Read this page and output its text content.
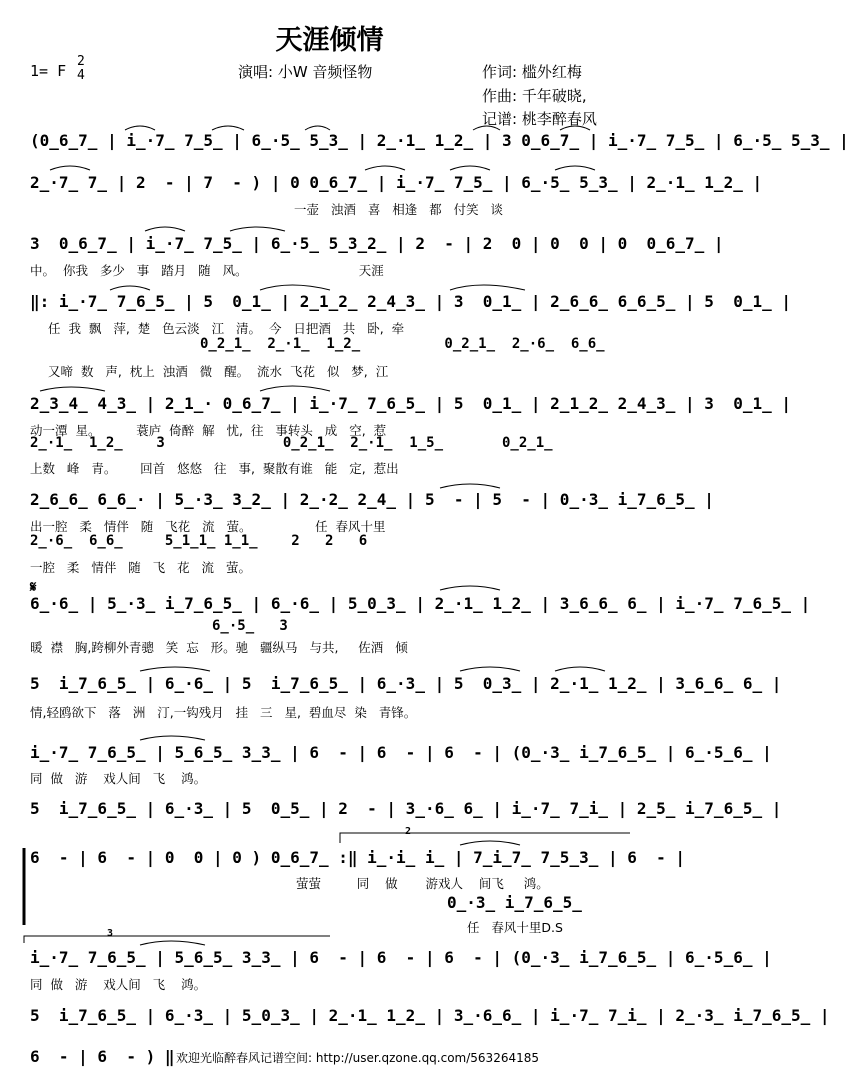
天涯倾情
1= F
2
4	演唱: 小W 音频怪物	作词: 槛外红梅
作曲: 千年破晓,
记谱: 桃李醉春风
(0̲6̲7̲ | i̲·7̲ 7̲5̲ | 6̲·5̲ 5̲3̲ | 2̲·1̲ 1̲2̲ | 3 0̲6̲7̲ | i̲·7̲ 7̲5̲ | 6̲·5̲ 5̲3̲ |
2̲·7̲ 7̲ | 2  - | 7  - ) | 0 0̲6̲7̲ | i̲·7̲ 7̲5̲ | 6̲·5̲ 5̲3̲ | 2̲·1̲ 1̲2̲ |
一壶   浊酒   喜   相逢   都   付笑   谈
3  0̲6̲7̲ | i̲·7̲ 7̲5̲ | 6̲·5̲ 5̲3̲2̲ | 2  - | 2  0 | 0  0 | 0  0̲6̲7̲ |
中。  你我   多少   事   踏月   随   风。                            天涯
‖: i̲·7̲ 7̲6̲5̲ | 5  0̲1̲ | 2̲1̲2̲ 2̲4̲3̲ | 3  0̲1̲ | 2̲6̲6̲ 6̲6̲5̲ | 5  0̲1̲ |
任  我  飘   萍,  楚   色云淡   江   清。  今   日把酒   共   卧,  牵
0̲2̲1̲  2̲·1̲  1̲2̲          0̲2̲1̲  2̲·6̲  6̲6̲
又啼  数   声,  枕上  浊酒   微   醒。  流水  飞花   似   梦,  江
2̲3̲4̲ 4̲3̲ | 2̲1̲· 0̲6̲7̲ | i̲·7̲ 7̲6̲5̲ | 5  0̲1̲ | 2̲1̲2̲ 2̲4̲3̲ | 3  0̲1̲ |
动一潭  星。         蓑庐  倚醉  解   忧,  往   事转头   成   空,  惹
2̲·1̲  1̲2̲    3              0̲2̲1̲  2̲·1̲  1̲5̲       0̲2̲1̲
上数   峰   青。      回首   悠悠   往   事,  聚散有谁   能   定,  惹出
2̲6̲6̲ 6̲6̲· | 5̲·3̲ 3̲2̲ | 2̲·2̲ 2̲4̲ | 5  - | 5  - | 0̲·3̲ i̲7̲6̲5̲ |
出一腔   柔   情伴   随   飞花   流   萤。                任  春风十里
2̲·6̲  6̲6̲     5̲1̲1̲ 1̲1̲    2   2   6
一腔   柔   情伴   随   飞   花   流   萤。
𝄋
6̲·6̲ | 5̲·3̲ i̲7̲6̲5̲ | 6̲·6̲ | 5̲0̲3̲ | 2̲·1̲ 1̲2̲ | 3̲6̲6̲ 6̲ | i̲·7̲ 7̲6̲5̲ |
6̲·5̲   3
暖  襟   胸,跨柳外青骢   笑  忘   形。驰   疆纵马   与共,     佐酒   倾
5  i̲7̲6̲5̲ | 6̲·6̲ | 5  i̲7̲6̲5̲ | 6̲·3̲ | 5  0̲3̲ | 2̲·1̲ 1̲2̲ | 3̲6̲6̲ 6̲ |
情,轻鸥欲下   落   洲   汀,一钩残月   挂   三   星,  碧血尽  染   青锋。
i̲·7̲ 7̲6̲5̲ | 5̲6̲5̲ 3̲3̲ | 6  - | 6  - | 6  - | (0̲·3̲ i̲7̲6̲5̲ | 6̲·5̲6̲ |
同  做   游    戏人间   飞    鸿。
5  i̲7̲6̲5̲ | 6̲·3̲ | 5  0̲5̲ | 2  - | 3̲·6̲ 6̲ | i̲·7̲ 7̲i̲ | 2̲5̲ i̲7̲6̲5̲ |
2
6  - | 6  - | 0  0 | 0 ) 0̲6̲7̲ :‖ i̲·i̲ i̲ | 7̲i̲7̲ 7̲5̲3̲ | 6  - |
萤萤         同    做       游戏人    间飞     鸿。
0̲·3̲ i̲7̲6̲5̲
任   春风十里D.S
3
i̲·7̲ 7̲6̲5̲ | 5̲6̲5̲ 3̲3̲ | 6  - | 6  - | 6  - | (0̲·3̲ i̲7̲6̲5̲ | 6̲·5̲6̲ |
同  做   游    戏人间   飞    鸿。
5  i̲7̲6̲5̲ | 6̲·3̲ | 5̲0̲3̲ | 2̲·1̲ 1̲2̲ | 3̲·6̲6̲ | i̲·7̲ 7̲i̲ | 2̲·3̲ i̲7̲6̲5̲ |
6  - | 6  - ) ‖ 欢迎光临醉春风记谱空间: http://user.qzone.qq.com/563264185
